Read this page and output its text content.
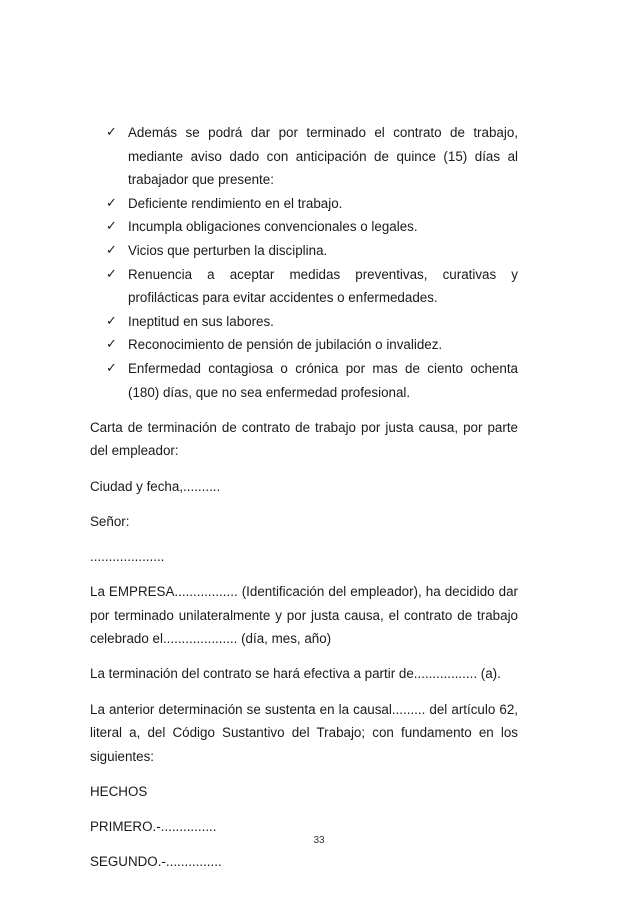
✓ Además se podrá dar por terminado el contrato de trabajo, mediante aviso dado con anticipación de quince (15) días al trabajador que presente:
✓ Deficiente rendimiento en el trabajo.
✓ Incumpla obligaciones convencionales o legales.
✓ Vicios que perturben la disciplina.
✓ Renuencia a aceptar medidas preventivas, curativas y profilácticas para evitar accidentes o enfermedades.
✓ Ineptitud en sus labores.
✓ Reconocimiento de pensión de jubilación o invalidez.
✓ Enfermedad contagiosa o crónica por mas de ciento ochenta (180) días, que no sea enfermedad profesional.

Carta de terminación de contrato de trabajo por justa causa, por parte del empleador:

Ciudad y fecha,..........

Señor:

....................

La EMPRESA................. (Identificación del empleador), ha decidido dar por terminado unilateralmente y por justa causa, el contrato de trabajo celebrado el.................... (día, mes, año)

La terminación del contrato se hará efectiva a partir de................. (a).

La anterior determinación se sustenta en la causal......... del artículo 62, literal a, del Código Sustantivo del Trabajo; con fundamento en los siguientes:

HECHOS

PRIMERO.-...............

SEGUNDO.-...............

33
